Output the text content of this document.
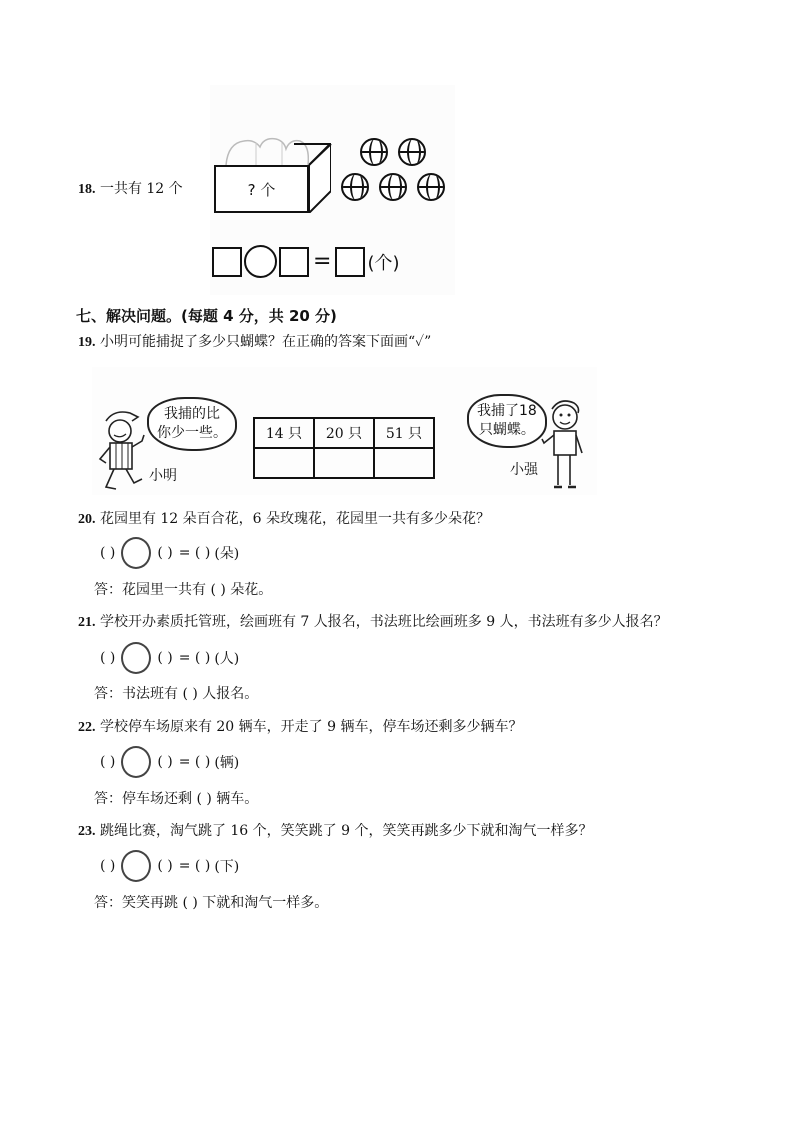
18. 一共有 12 个	? 个
= (个)
七、解决问题。(每题 4 分，共 20 分)
19. 小明可能捕捉了多少只蝴蝶？在正确的答案下面画“✓”
我捕的比
你少一些。
小明
14 只	20 只	51 只

我捕了18
只蝴蝶。
小强
20. 花园里有 12 朵百合花，6 朵玫瑰花，花园里一共有多少朵花？
( )	( ) = ( ) (朵)
答：花园里一共有 ( ) 朵花。
21. 学校开办素质托管班，绘画班有 7 人报名，书法班比绘画班多 9 人，书法班有多少人报名？
( )	( ) = ( ) (人)
答：书法班有 ( ) 人报名。
22. 学校停车场原来有 20 辆车，开走了 9 辆车，停车场还剩多少辆车？
( )	( ) = ( ) (辆)
答：停车场还剩 ( ) 辆车。
23. 跳绳比赛，淘气跳了 16 个，笑笑跳了 9 个，笑笑再跳多少下就和淘气一样多？
( )	( ) = ( ) (下)
答：笑笑再跳 ( ) 下就和淘气一样多。
